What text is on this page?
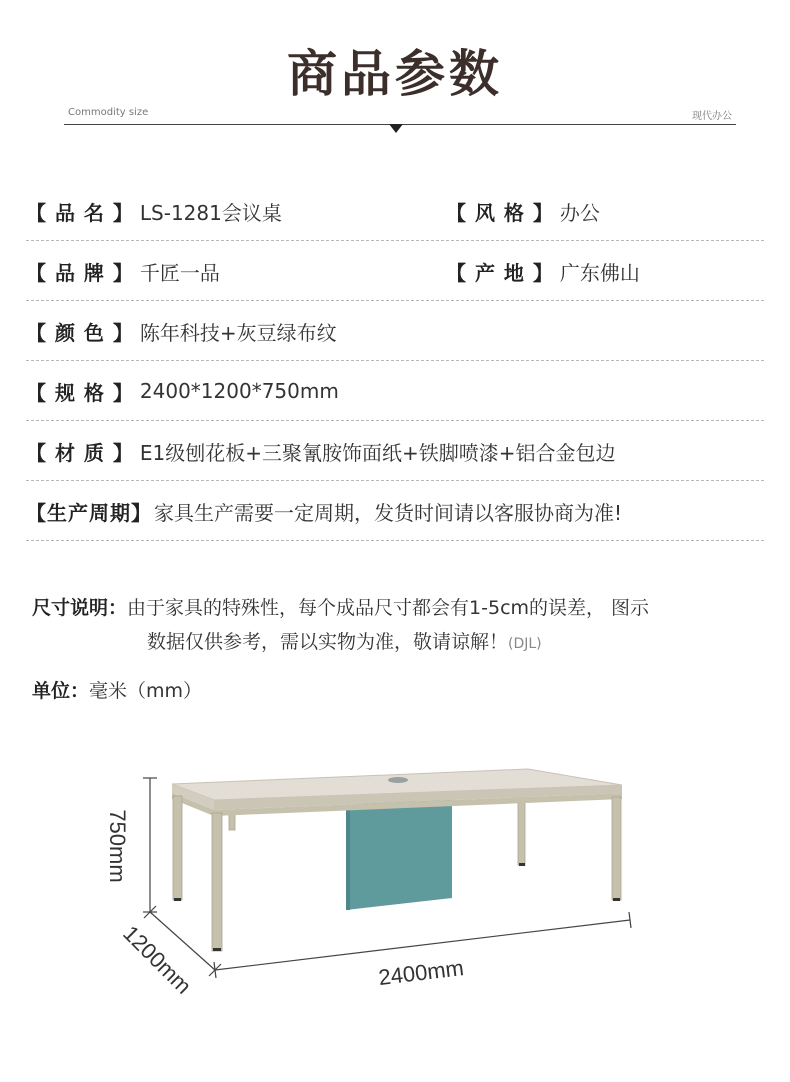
商品参数
Commodity size	现代办公
【 品 名 】 LS-1281会议桌	【 风 格 】 办公
【 品 牌 】 千匠一品	【 产 地 】 广东佛山
【 颜 色 】 陈年科技+灰豆绿布纹
【 规 格 】 2400*1200*750mm
【 材 质 】 E1级刨花板+三聚氰胺饰面纸+铁脚喷漆+铝合金包边
【生产周期】 家具生产需要一定周期，发货时间请以客服协商为准!
尺寸说明：由于家具的特殊性，每个成品尺寸都会有1-5cm的误差， 图示
数据仅供参考，需以实物为准，敬请谅解！(DJL)
单位：毫米（mm）
750mm
1200mm	2400mm
